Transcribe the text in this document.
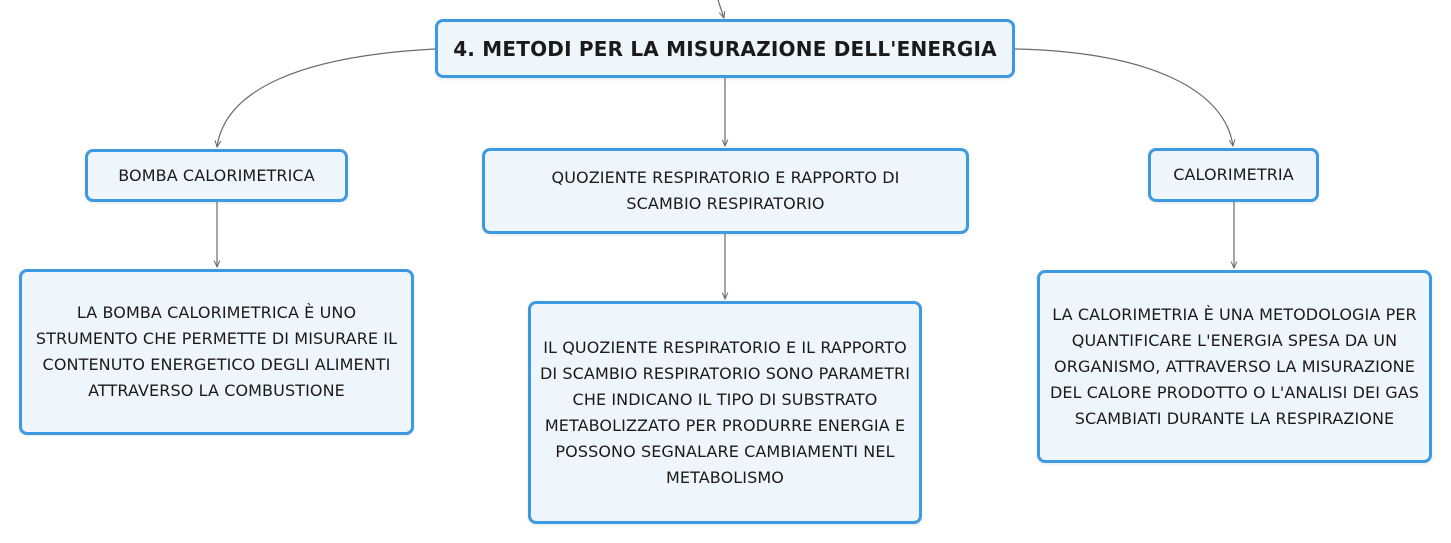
4. METODI PER LA MISURAZIONE DELL'ENERGIA
BOMBA CALORIMETRICA	QUOZIENTE RESPIRATORIO E RAPPORTO DI SCAMBIO RESPIRATORIO
CALORIMETRIA
LA BOMBA CALORIMETRICA È UNO STRUMENTO CHE PERMETTE DI MISURARE IL CONTENUTO ENERGETICO DEGLI ALIMENTI ATTRAVERSO LA COMBUSTIONE
IL QUOZIENTE RESPIRATORIO E IL RAPPORTO DI SCAMBIO RESPIRATORIO SONO PARAMETRI CHE INDICANO IL TIPO DI SUBSTRATO METABOLIZZATO PER PRODURRE ENERGIA E POSSONO SEGNALARE CAMBIAMENTI NEL METABOLISMO
LA CALORIMETRIA È UNA METODOLOGIA PER QUANTIFICARE L'ENERGIA SPESA DA UN ORGANISMO, ATTRAVERSO LA MISURAZIONE DEL CALORE PRODOTTO O L'ANALISI DEI GAS SCAMBIATI DURANTE LA RESPIRAZIONE
